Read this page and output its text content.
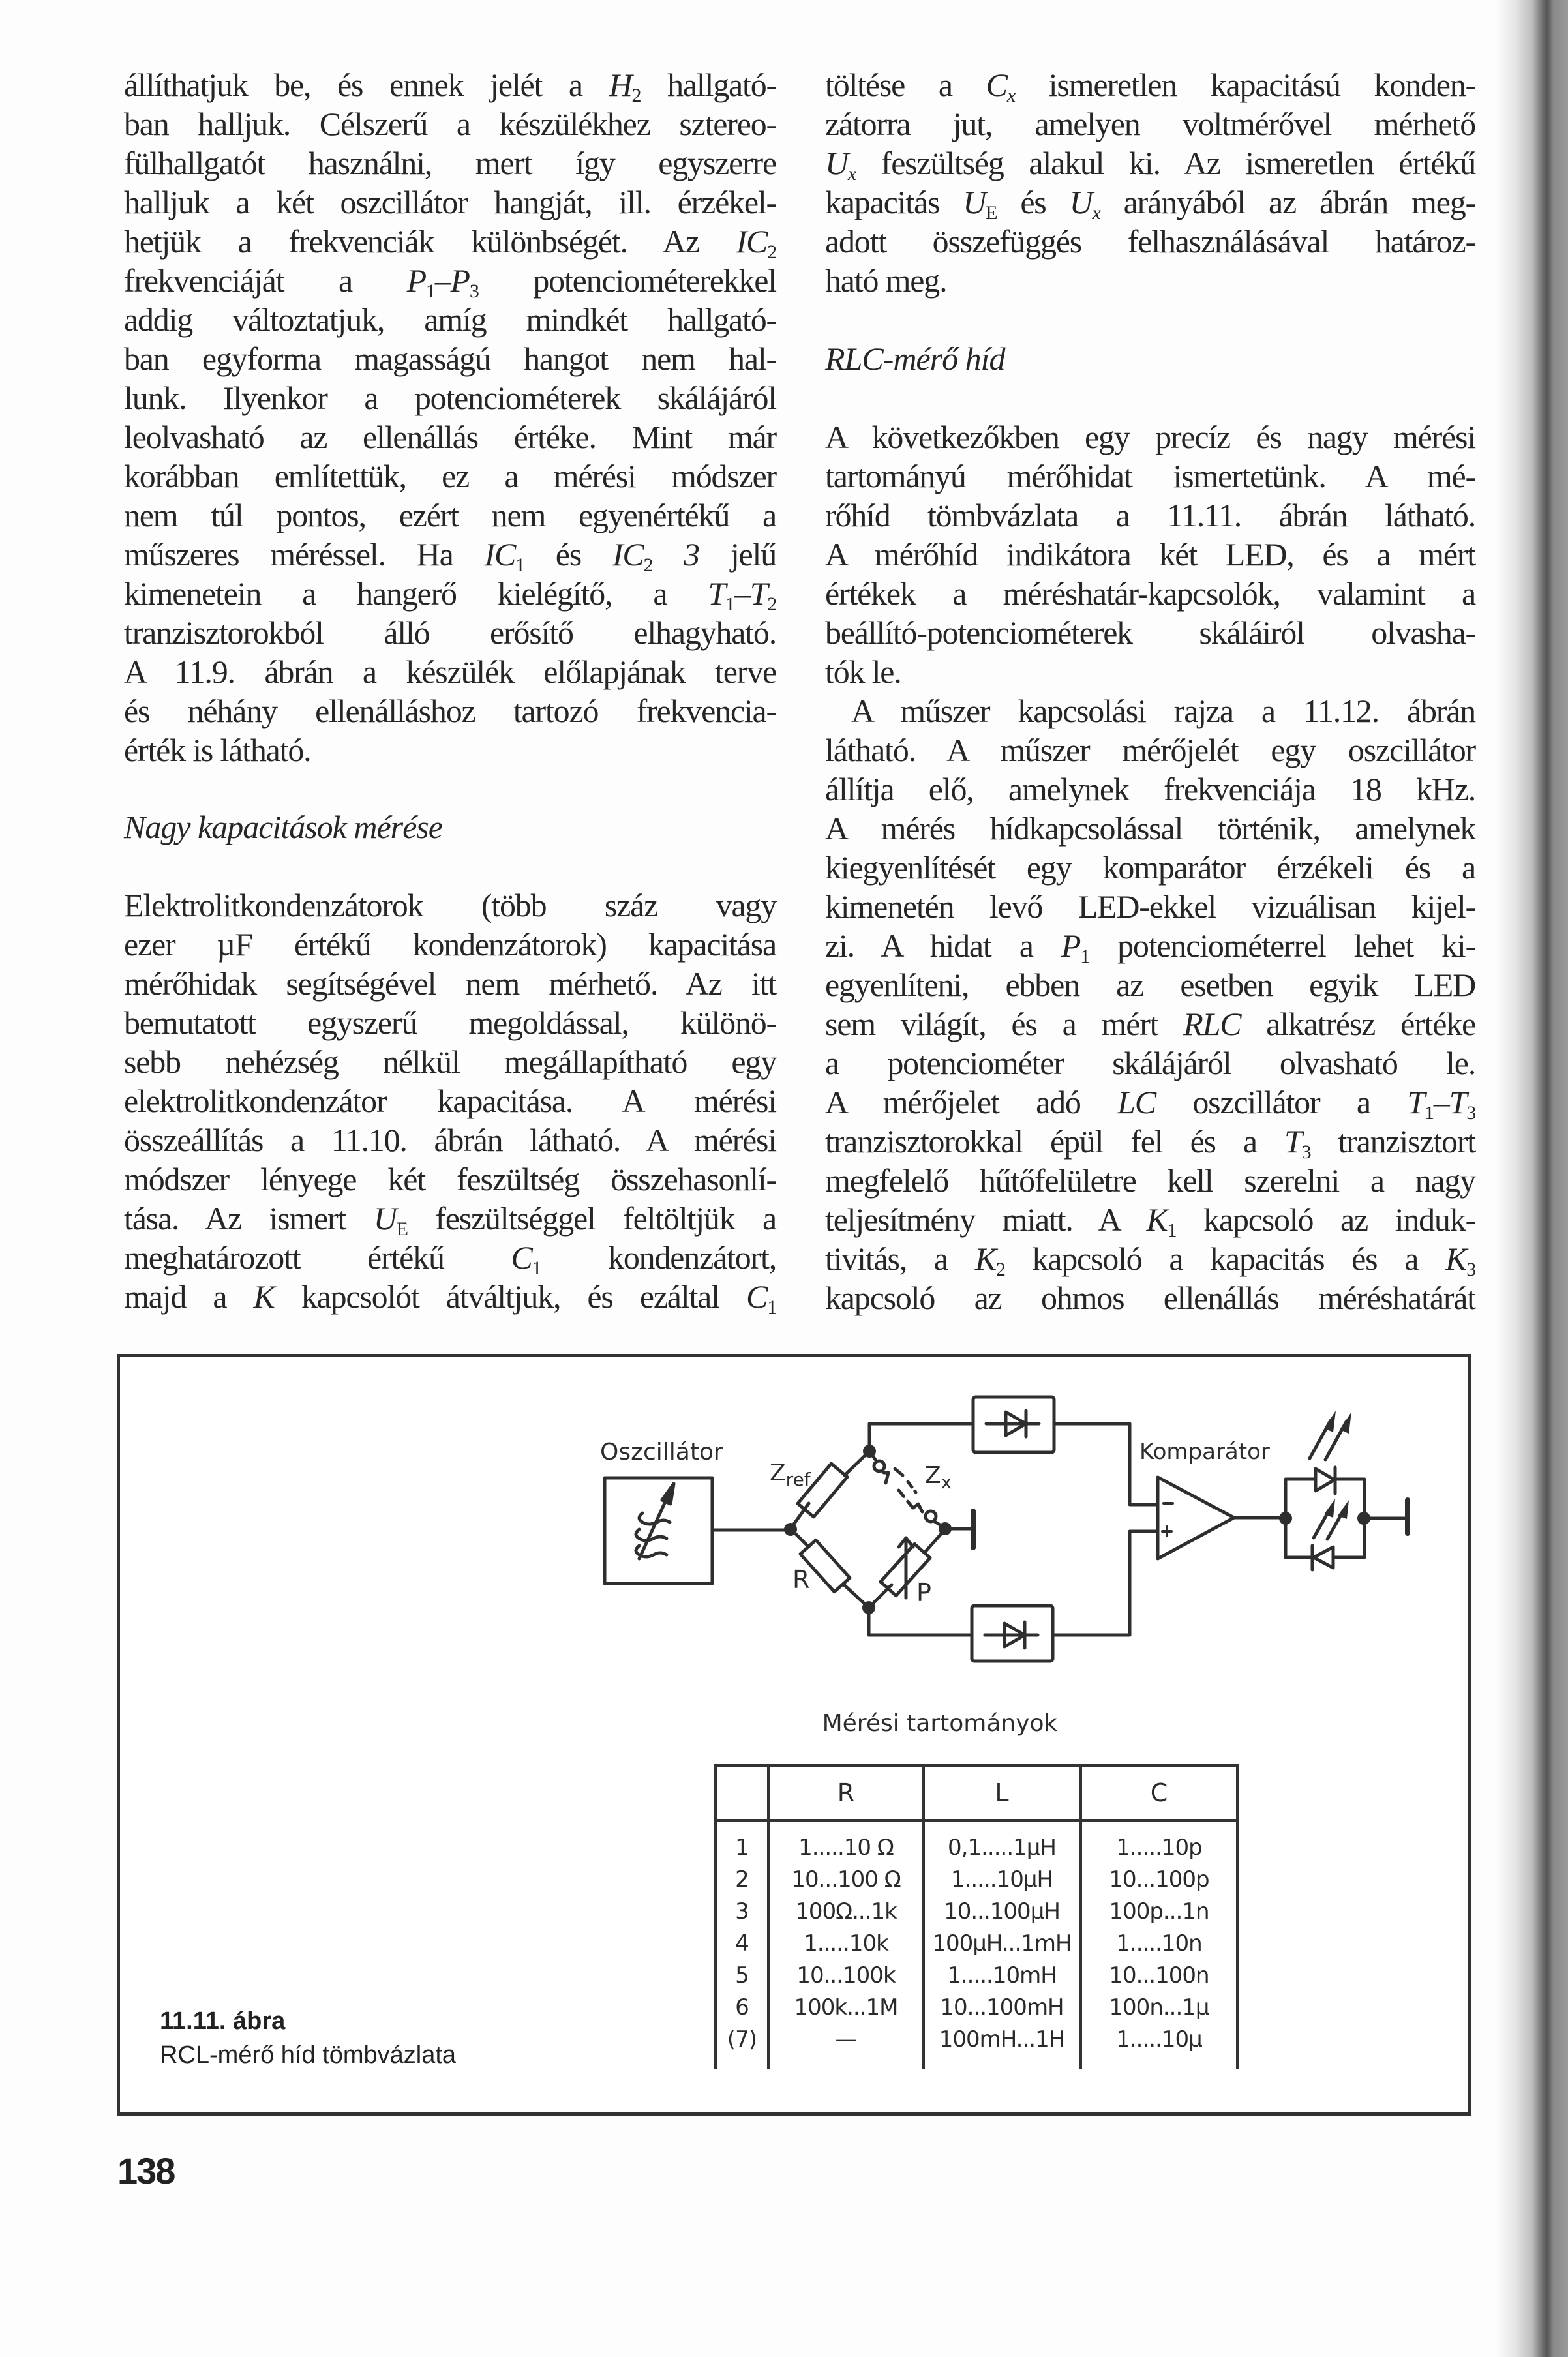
állíthatjuk be, és ennek jelét a $H_2$ hallgató-
ban halljuk. Célszerű a készülékhez sztereo-
fülhallgatót használni, mert így egyszerre
halljuk a két oszcillátor hangját, ill. érzékel-
hetjük a frekvenciák különbségét. Az $IC_2$
frekvenciáját a $P_1-P_3$ potenciométerekkel
addig változtatjuk, amíg mindkét hallgató-
ban egyforma magasságú hangot nem hal-
lunk. Ilyenkor a potenciométerek skálájáról
leolvasható az ellenállás értéke. Mint már
korábban említettük, ez a mérési módszer
nem túl pontos, ezért nem egyenértékű a
műszeres méréssel. Ha $IC_1$ és $IC_2$ 3 jelű
kimenetein a hangerő kielégítő, a $T_1-T_2$
tranzisztorokból álló erősítő elhagyható.
A 11.9. ábrán a készülék előlapjának terve
és néhány ellenálláshoz tartozó frekvencia-
érték is látható.
Nagy kapacitások mérése
Elektrolitkondenzátorok (több száz vagy
ezer µF értékű kondenzátorok) kapacitása
mérőhidak segítségével nem mérhető. Az itt
bemutatott egyszerű megoldással, különö-
sebb nehézség nélkül megállapítható egy
elektrolitkondenzátor kapacitása. A mérési
összeállítás a 11.10. ábrán látható. A mérési
módszer lényege két feszültség összehasonlí-
tása. Az ismert $U_E$ feszültséggel feltöltjük a
meghatározott értékű $C_1$ kondenzátort,
majd a K kapcsolót átváltjuk, és ezáltal $C_1$
töltése a $C_x$ ismeretlen kapacitású konden-
zátorra jut, amelyen voltmérővel mérhető
$U_x$ feszültség alakul ki. Az ismeretlen értékű
kapacitás $U_E$ és $U_x$ arányából az ábrán meg-
adott összefüggés felhasználásával határoz-
ható meg.
RLC-mérő híd
A következőkben egy precíz és nagy mérési
tartományú mérőhidat ismertetünk. A mé-
rőhíd tömbvázlata a 11.11. ábrán látható.
A mérőhíd indikátora két LED, és a mért
értékek a méréshatár-kapcsolók, valamint a
beállító-potenciométerek skáláiról olvasha-
tók le.
A műszer kapcsolási rajza a 11.12. ábrán
látható. A műszer mérőjelét egy oszcillátor
állítja elő, amelynek frekvenciája 18 kHz.
A mérés hídkapcsolással történik, amelynek
kiegyenlítését egy komparátor érzékeli és a
kimenetén levő LED-ekkel vizuálisan kijel-
zi. A hidat a $P_1$ potenciométerrel lehet ki-
egyenlíteni, ebben az esetben egyik LED
sem világít, és a mért RLC alkatrész értéke
a potenciométer skálájáról olvasható le.
A mérőjelet adó LC oszcillátor a $T_1-T_3$
tranzisztorokkal épül fel és a $T_3$ tranzisztort
megfelelő hűtőfelületre kell szerelni a nagy
teljesítmény miatt. A $K_1$ kapcsoló az induk-
tivitás, a $K_2$ kapcsoló a kapacitás és a $K_3$
kapcsoló az ohmos ellenállás méréshatárát
Oszcillátor
$Z_{ref}$	$Z_x$
R	P
Komparátor
Mérési tartományok
	R	L	C
1	1.....10 Ω	0,1.....1µH	1.....10p
2	10...100 Ω	1.....10µH	10...100p
3	100Ω...1k	10...100µH	100p...1n
4	1.....10k	100µH...1mH	1.....10n
5	10...100k	1.....10mH	10...100n
6	100k...1M	10...100mH	100n...1µ
(7)	—	100mH...1H	1.....10µ
11.11. ábra
RCL-mérő híd tömbvázlata
138
